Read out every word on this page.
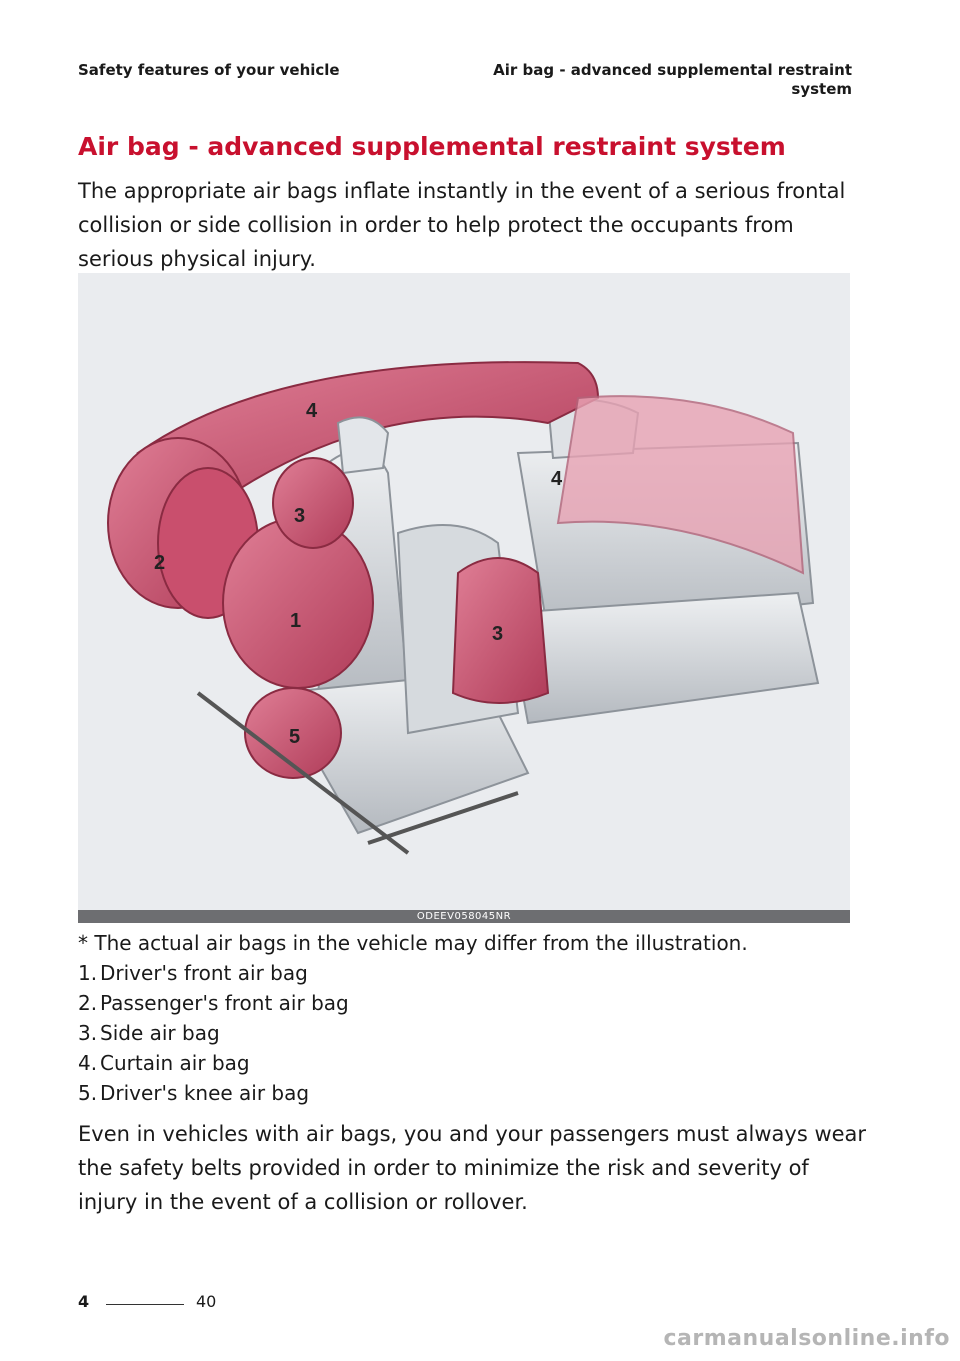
Safety features of your vehicle	Air bag - advanced supplemental restraint system
Air bag - advanced supplemental restraint system

The appropriate air bags inflate instantly in the event of a serious frontal collision or side collision in order to help protect the occupants from serious physical injury.

4
2
3
1
5
4
3
ODEEV058045NR

* The actual air bags in the vehicle may differ from the illustration.

1. Driver's front air bag
2. Passenger's front air bag
3. Side air bag
4. Curtain air bag
5. Driver's knee air bag

Even in vehicles with air bags, you and your passengers must always wear the safety belts provided in order to minimize the risk and severity of injury in the event of a collision or rollover.

4	40
carmanualsonline.info
